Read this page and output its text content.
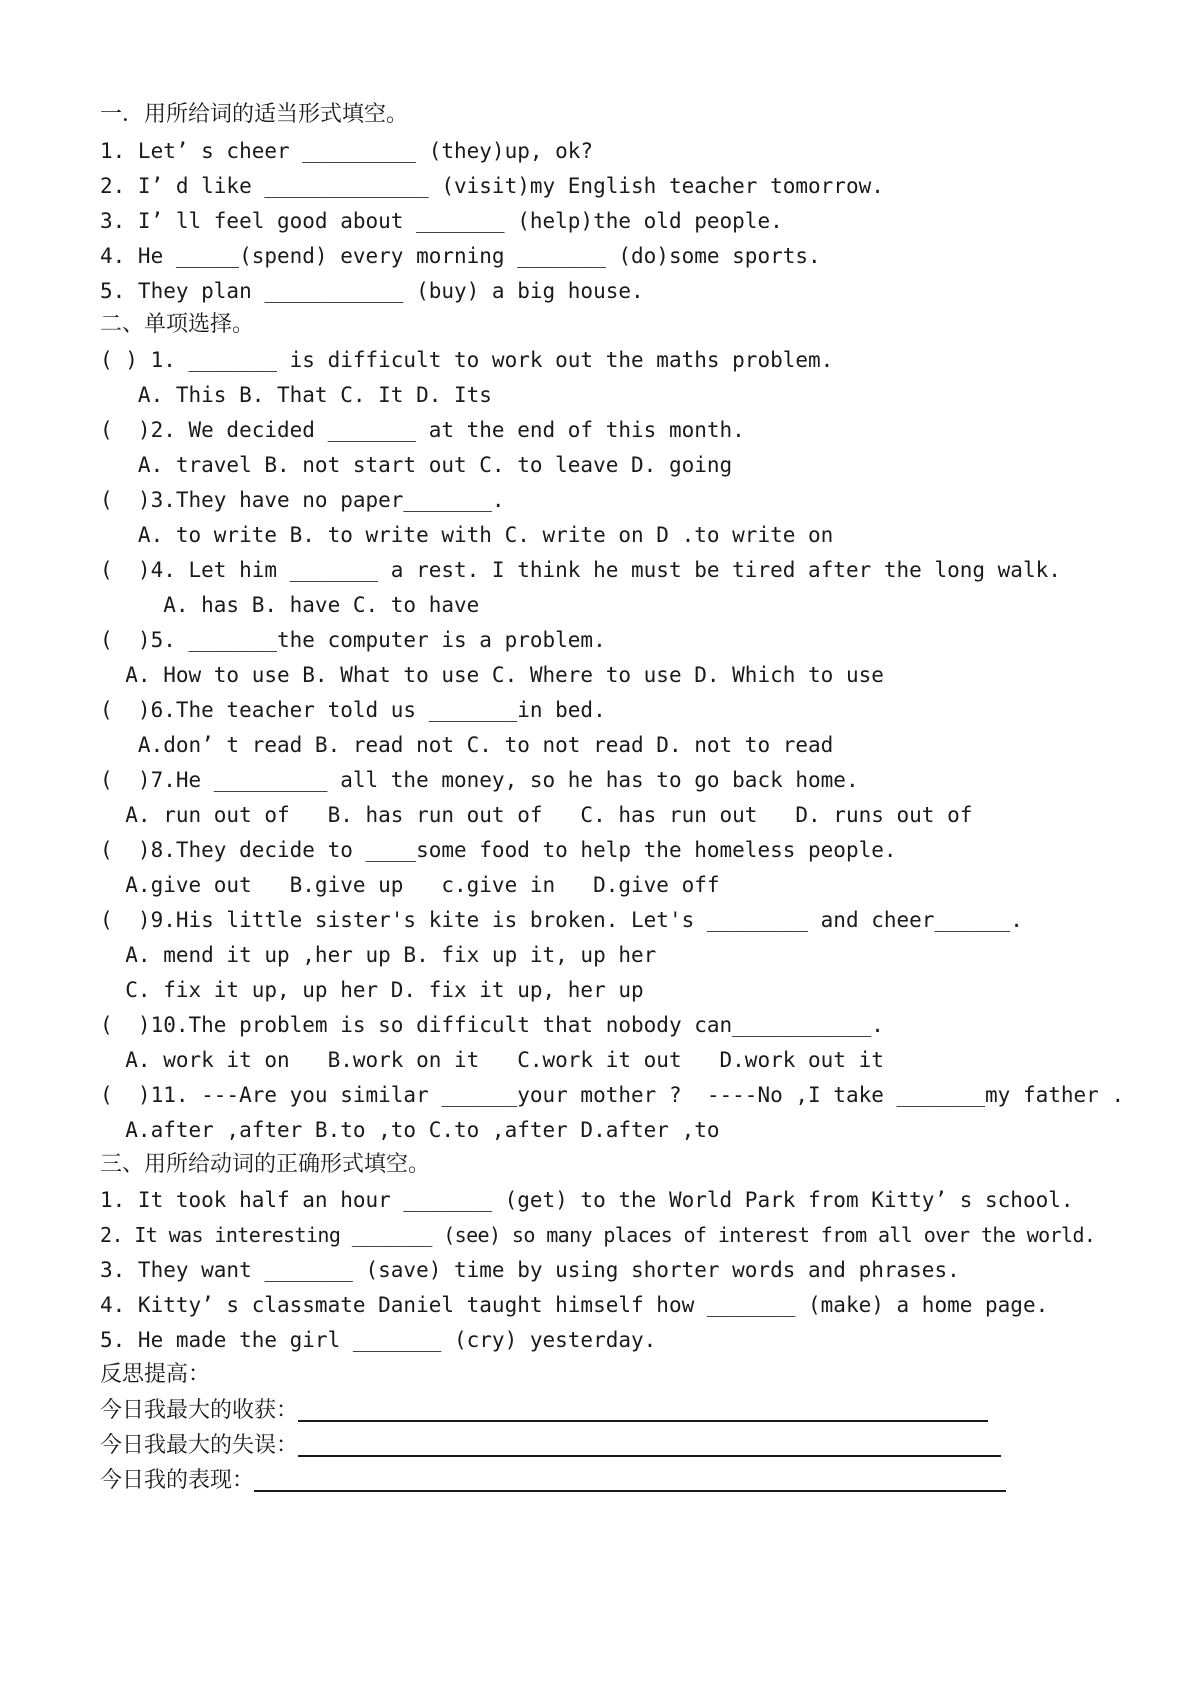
一．用所给词的适当形式填空。
1. Let’ s cheer _________ (they)up, ok?
2. I’ d like _____________ (visit)my English teacher tomorrow.
3. I’ ll feel good about _______ (help)the old people.
4. He _____(spend) every morning _______ (do)some sports.
5. They plan ___________ (buy) a big house.
二、单项选择。
( ) 1. _______ is difficult to work out the maths problem.
A. This B. That C. It D. Its
(  )2. We decided _______ at the end of this month.
A. travel B. not start out C. to leave D. going
(  )3.They have no paper_______.
A. to write B. to write with C. write on D .to write on
(  )4. Let him _______ a rest. I think he must be tired after the long walk.
A. has B. have C. to have
(  )5. _______the computer is a problem.
A. How to use B. What to use C. Where to use D. Which to use
(  )6.The teacher told us _______in bed.
A.don’ t read B. read not C. to not read D. not to read
(  )7.He _________ all the money, so he has to go back home.
A. run out of   B. has run out of   C. has run out   D. runs out of
(  )8.They decide to ____some food to help the homeless people.
A.give out   B.give up   c.give in   D.give off
(  )9.His little sister's kite is broken. Let's ________ and cheer______.
A. mend it up ,her up B. fix up it, up her
C. fix it up, up her D. fix it up, her up
(  )10.The problem is so difficult that nobody can___________.
A. work it on   B.work on it   C.work it out   D.work out it
(  )11. ---Are you similar ______your mother ?  ----No ,I take _______my father .
A.after ,after B.to ,to C.to ,after D.after ,to
三、用所给动词的正确形式填空。
1. It took half an hour _______ (get) to the World Park from Kitty’ s school.
2. It was interesting _______ (see) so many places of interest from all over the world.
3. They want _______ (save) time by using shorter words and phrases.
4. Kitty’ s classmate Daniel taught himself how _______ (make) a home page.
5. He made the girl _______ (cry) yesterday.
反思提高：
今日我最大的收获：
今日我最大的失误：
今日我的表现：
